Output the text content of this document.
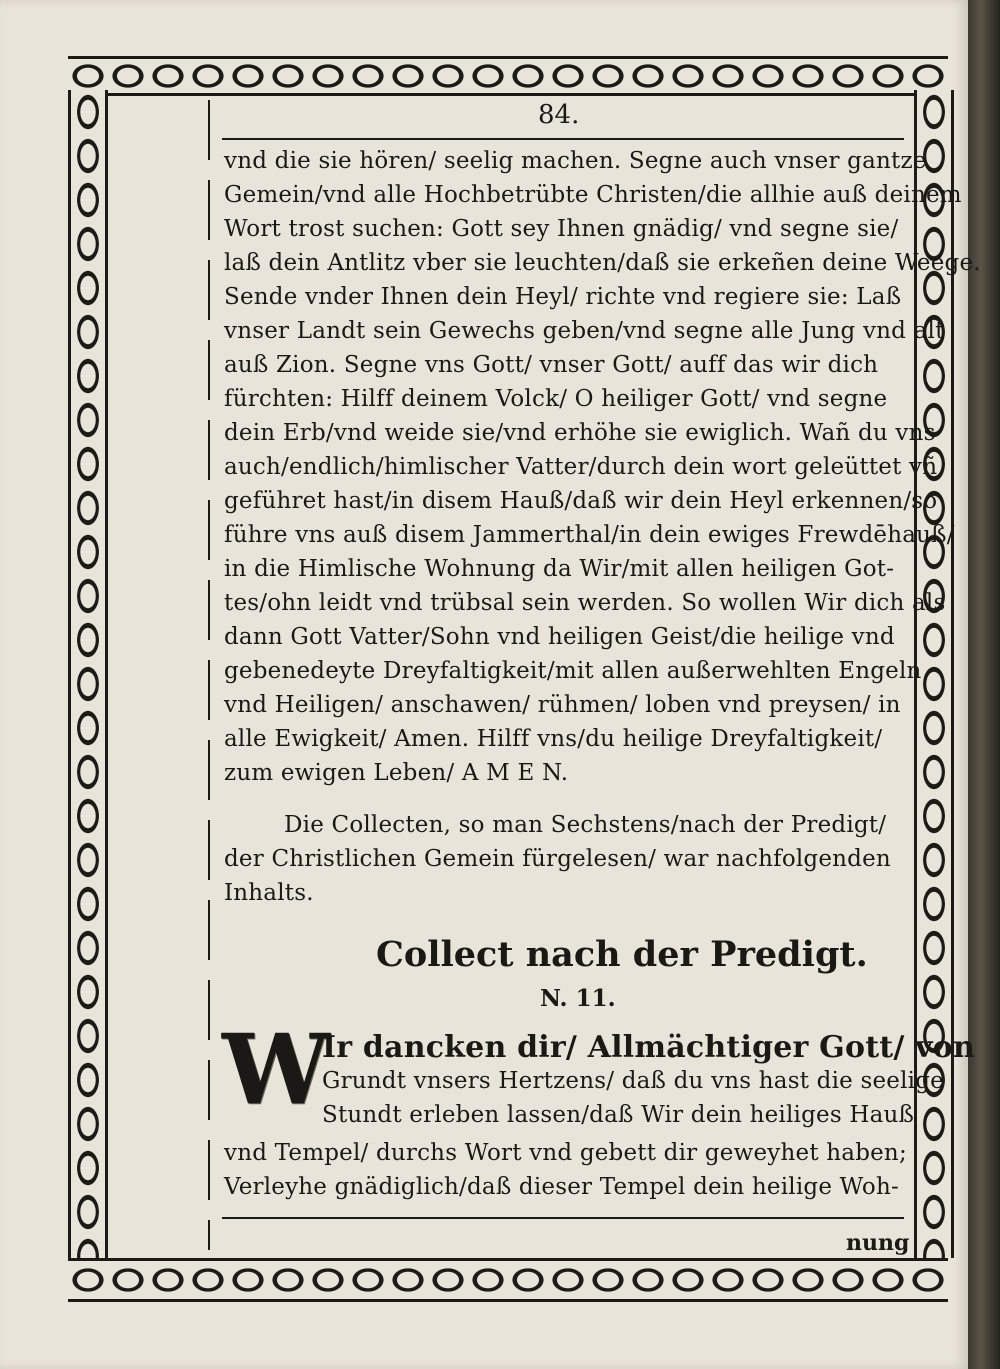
84.
vnd die sie hören/ seelig machen. Segne auch vnser gantze
Gemein/vnd alle Hochbetrübte Christen/die allhie auß deinem
Wort trost suchen: Gott sey Ihnen gnädig/ vnd segne sie/
laß dein Antlitz vber sie leuchten/daß sie erkeñen deine Weege.
Sende vnder Ihnen dein Heyl/ richte vnd regiere sie: Laß
vnser Landt sein Gewechs geben/vnd segne alle Jung vnd alt
auß Zion. Segne vns Gott/ vnser Gott/ auff das wir dich
fürchten: Hilff deinem Volck/ O heiliger Gott/ vnd segne
dein Erb/vnd weide sie/vnd erhöhe sie ewiglich. Wañ du vns
auch/endlich/himlischer Vatter/durch dein wort geleüttet vñ
geführet hast/in disem Hauß/daß wir dein Heyl erkennen/so
führe vns auß disem Jammerthal/in dein ewiges Frewdēhauß/
in die Himlische Wohnung da Wir/mit allen heiligen Got-
tes/ohn leidt vnd trübsal sein werden. So wollen Wir dich als
dann Gott Vatter/Sohn vnd heiligen Geist/die heilige vnd
gebenedeyte Dreyfaltigkeit/mit allen außerwehlten Engeln
vnd Heiligen/ anschawen/ rühmen/ loben vnd preysen/ in
alle Ewigkeit/ Amen. Hilff vns/du heilige Dreyfaltigkeit/
zum ewigen Leben/ A M E N.
Die Collecten, so man Sechstens/nach der Predigt/
der Christlichen Gemein fürgelesen/ war nachfolgenden
Inhalts.
Collect nach der Predigt.
N. 11.
W
Ir dancken dir/ Allmächtiger Gott/ von
Grundt vnsers Hertzens/ daß du vns hast die seelige
Stundt erleben lassen/daß Wir dein heiliges Hauß
vnd Tempel/ durchs Wort vnd gebett dir geweyhet haben;
Verleyhe gnädiglich/daß dieser Tempel dein heilige Woh-
nung
